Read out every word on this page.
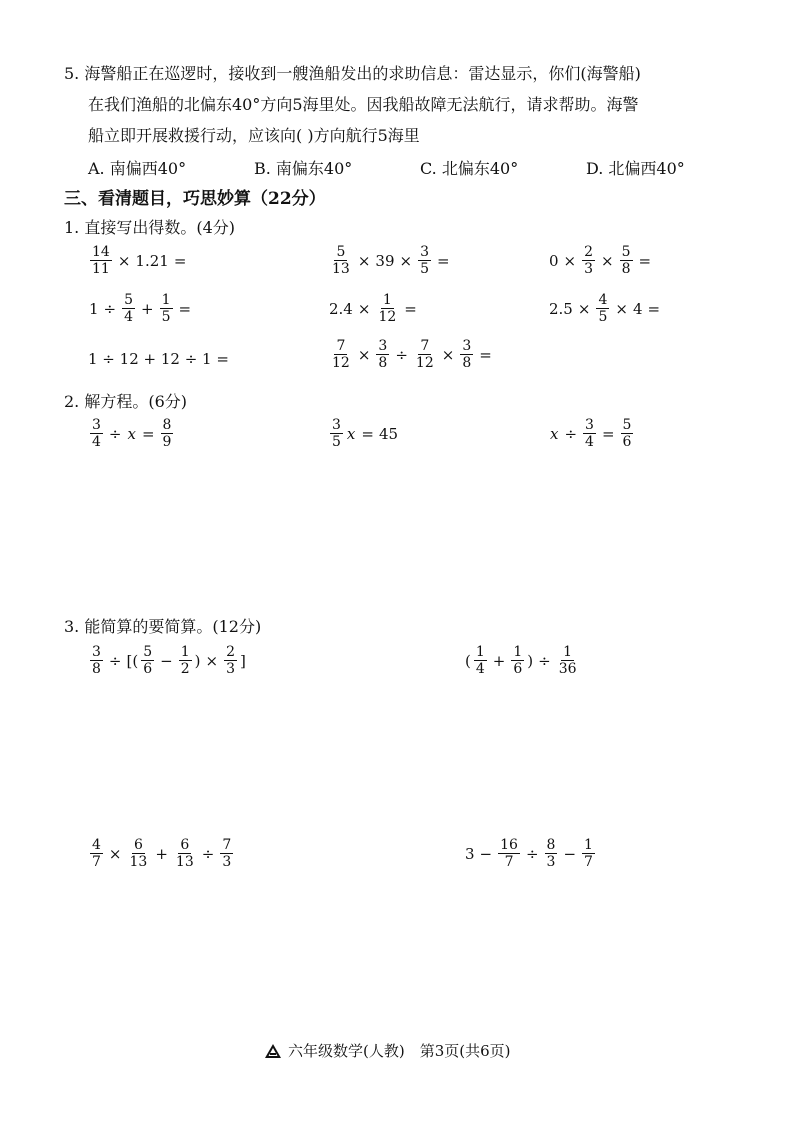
5. 海警船正在巡逻时，接收到一艘渔船发出的求助信息：雷达显示，你们(海警船)
在我们渔船的北偏东40°方向5海里处。因我船故障无法航行，请求帮助。海警
船立即开展救援行动，应该向( )方向航行5海里
A. 南偏西40°	B. 南偏东40°	C. 北偏东40°	D. 北偏西40°
三、看清题目，巧思妙算（22分）
1. 直接写出得数。(4分)
$\frac{14}{11} \times 1.21$ =	$\frac{5}{13} \times 39 \times \frac{3}{5}$ =	$0 \times \frac{2}{3} \times \frac{5}{8}$ =
$1 \div \frac{5}{4} + \frac{1}{5}$ =	$2.4 \times \frac{1}{12}$ =	$2.5 \times \frac{4}{5} \times 4$ =
1 ÷ 12 + 12 ÷ 1 =	$\frac{7}{12} \times \frac{3}{8} \div \frac{7}{12} \times \frac{3}{8}$ =
2. 解方程。(6分)
$\frac{3}{4} \div x = \frac{8}{9}$	$\frac{3}{5}$ x = 45	$x \div \frac{3}{4} = \frac{5}{6}$
3. 能简算的要简算。(12分)
$\frac{3}{8}$ ÷ [( $\frac{5}{6} - \frac{1}{2}$ ) × $\frac{2}{3}$ ]	( $\frac{1}{4} + \frac{1}{6}$ ) ÷ $\frac{1}{36}$
$\frac{4}{7} \times \frac{6}{13} + \frac{6}{13} \div \frac{7}{3}$	$3 - \frac{16}{7} \div \frac{8}{3} - \frac{1}{7}$
六年级数学(人教)　第3页(共6页)
